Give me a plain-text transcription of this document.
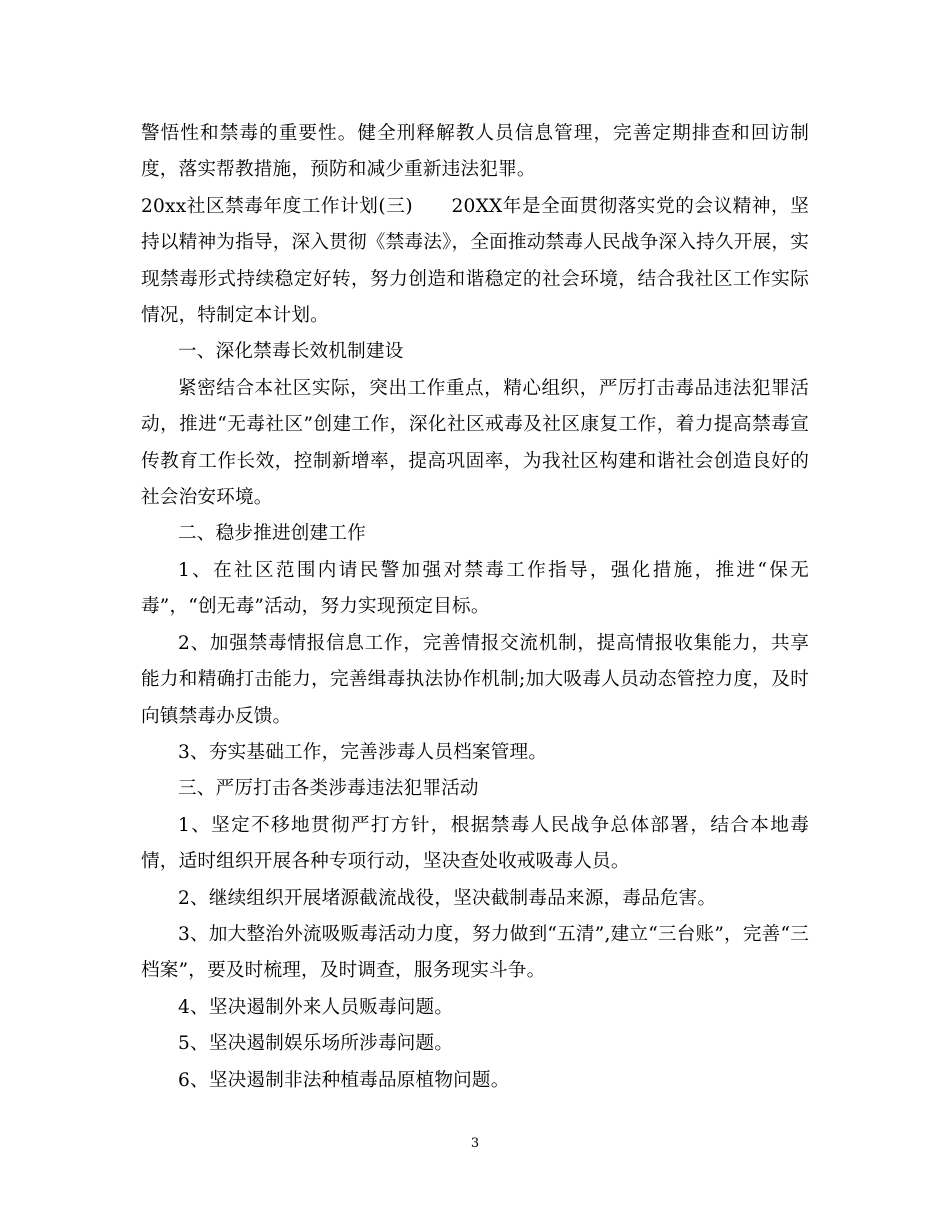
警悟性和禁毒的重要性。健全刑释解教人员信息管理，完善定期排查和回访制度，落实帮教措施，预防和减少重新违法犯罪。

20xx社区禁毒年度工作计划(三)　　20XX年是全面贯彻落实党的会议精神，坚持以精神为指导，深入贯彻《禁毒法》，全面推动禁毒人民战争深入持久开展，实现禁毒形式持续稳定好转，努力创造和谐稳定的社会环境，结合我社区工作实际情况，特制定本计划。

一、深化禁毒长效机制建设

紧密结合本社区实际，突出工作重点，精心组织，严厉打击毒品违法犯罪活动，推进“无毒社区”创建工作，深化社区戒毒及社区康复工作，着力提高禁毒宣传教育工作长效，控制新增率，提高巩固率，为我社区构建和谐社会创造良好的社会治安环境。

二、稳步推进创建工作

1、在社区范围内请民警加强对禁毒工作指导，强化措施，推进“保无毒”，“创无毒”活动，努力实现预定目标。

2、加强禁毒情报信息工作，完善情报交流机制，提高情报收集能力，共享能力和精确打击能力，完善缉毒执法协作机制;加大吸毒人员动态管控力度，及时向镇禁毒办反馈。

3、夯实基础工作，完善涉毒人员档案管理。

三、严厉打击各类涉毒违法犯罪活动

1、坚定不移地贯彻严打方针，根据禁毒人民战争总体部署，结合本地毒情，适时组织开展各种专项行动，坚决查处收戒吸毒人员。

2、继续组织开展堵源截流战役，坚决截制毒品来源，毒品危害。

3、加大整治外流吸贩毒活动力度，努力做到“五清”,建立“三台账”，完善“三档案”，要及时梳理，及时调查，服务现实斗争。

4、坚决遏制外来人员贩毒问题。

5、坚决遏制娱乐场所涉毒问题。

6、坚决遏制非法种植毒品原植物问题。

3
